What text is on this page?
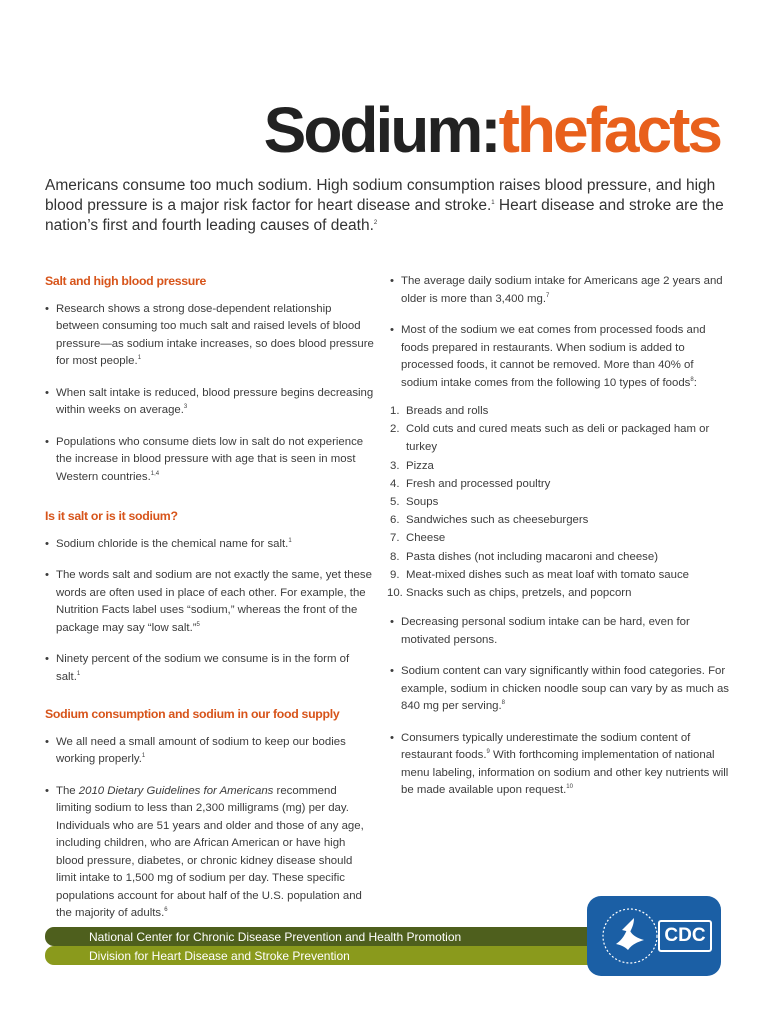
Sodium:thefacts

Americans consume too much sodium. High sodium consumption raises blood pressure, and high blood pressure is a major risk factor for heart disease and stroke.$^1$ Heart disease and stroke are the nation’s first and fourth leading causes of death.$^2$

Salt and high blood pressure
• Research shows a strong dose-dependent relationship between consuming too much salt and raised levels of blood pressure—as sodium intake increases, so does blood pressure for most people.$^1$
• When salt intake is reduced, blood pressure begins decreasing within weeks on average.$^3$
• Populations who consume diets low in salt do not experience the increase in blood pressure with age that is seen in most Western countries.$^{1,4}$
Is it salt or is it sodium?
• Sodium chloride is the chemical name for salt.$^1$
• The words salt and sodium are not exactly the same, yet these words are often used in place of each other. For example, the Nutrition Facts label uses “sodium,” whereas the front of the package may say “low salt.”$^5$
• Ninety percent of the sodium we consume is in the form of salt.$^1$
Sodium consumption and sodium in our food supply
• We all need a small amount of sodium to keep our bodies working properly.$^1$
• The 2010 Dietary Guidelines for Americans recommend limiting sodium to less than 2,300 milligrams (mg) per day. Individuals who are 51 years and older and those of any age, including children, who are African American or have high blood pressure, diabetes, or chronic kidney disease should limit intake to 1,500 mg of sodium per day. These specific populations account for about half of the U.S. population and the majority of adults.$^6$
• The average daily sodium intake for Americans age 2 years and older is more than 3,400 mg.$^7$
• Most of the sodium we eat comes from processed foods and foods prepared in restaurants. When sodium is added to processed foods, it cannot be removed. More than 40% of sodium intake comes from the following 10 types of foods$^8$:
1. Breads and rolls
2. Cold cuts and cured meats such as deli or packaged ham or turkey
3. Pizza
4. Fresh and processed poultry
5. Soups
6. Sandwiches such as cheeseburgers
7. Cheese
8. Pasta dishes (not including macaroni and cheese)
9. Meat-mixed dishes such as meat loaf with tomato sauce
10. Snacks such as chips, pretzels, and popcorn
• Decreasing personal sodium intake can be hard, even for motivated persons.
• Sodium content can vary significantly within food categories. For example, sodium in chicken noodle soup can vary by as much as 840 mg per serving.$^8$
• Consumers typically underestimate the sodium content of restaurant foods.$^9$ With forthcoming implementation of national menu labeling, information on sodium and other key nutrients will be made available upon request.$^{10}$
National Center for Chronic Disease Prevention and Health Promotion
Division for Heart Disease and Stroke Prevention
CDC
